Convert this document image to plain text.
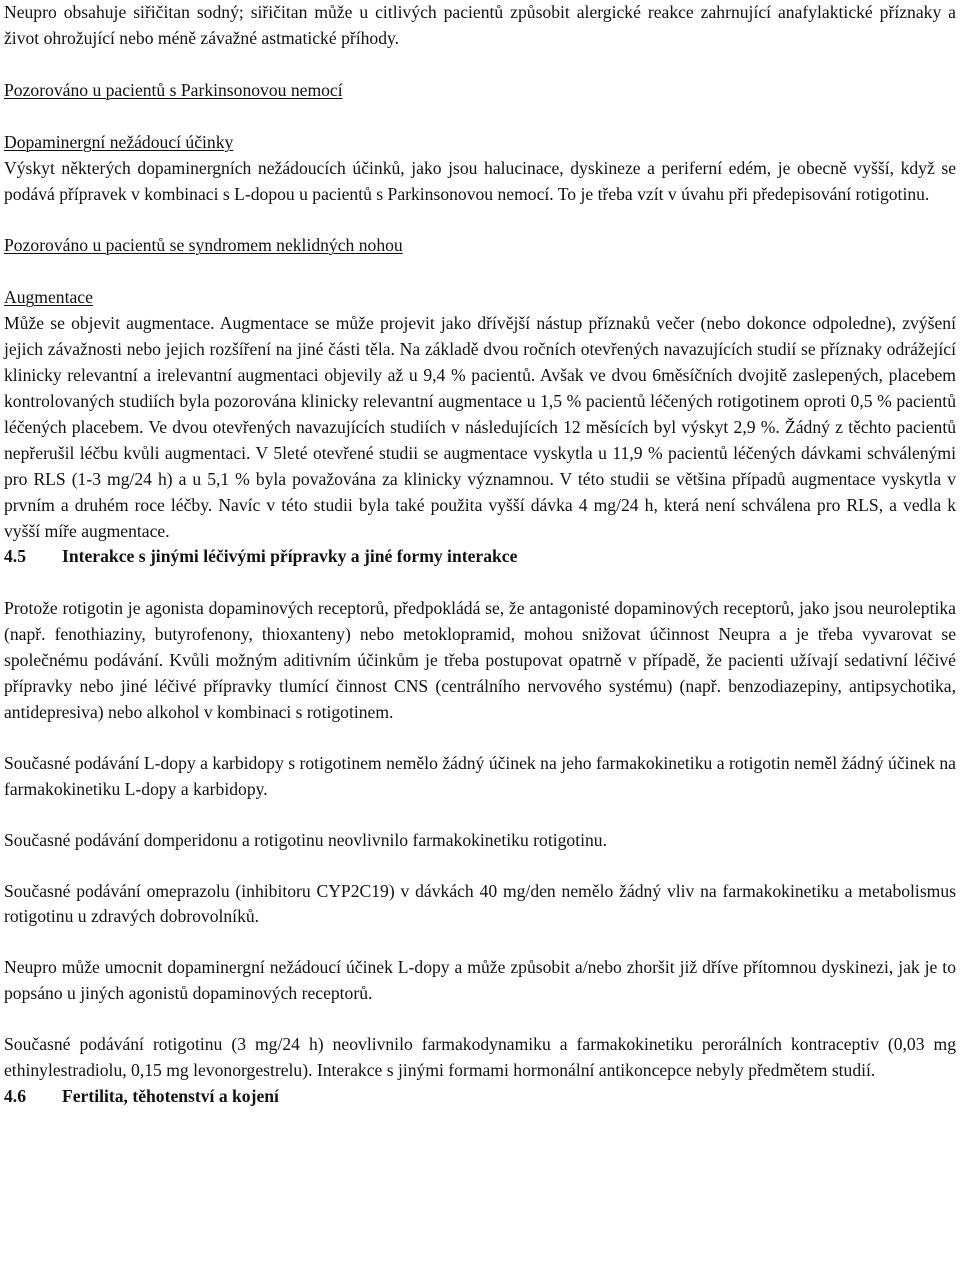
Neupro obsahuje siřičitan sodný; siřičitan může u citlivých pacientů způsobit alergické reakce zahrnující anafylaktické příznaky a život ohrožující nebo méně závažné astmatické příhody.

Pozorováno u pacientů s Parkinsonovou nemocí

Dopaminergní nežádoucí účinky

Výskyt některých dopaminergních nežádoucích účinků, jako jsou halucinace, dyskineze a periferní edém, je obecně vyšší, když se podává přípravek v kombinaci s L-dopou u pacientů s Parkinsonovou nemocí. To je třeba vzít v úvahu při předepisování rotigotinu.

Pozorováno u pacientů se syndromem neklidných nohou

Augmentace

Může se objevit augmentace. Augmentace se může projevit jako dřívější nástup příznaků večer (nebo dokonce odpoledne), zvýšení jejich závažnosti nebo jejich rozšíření na jiné části těla. Na základě dvou ročních otevřených navazujících studií se příznaky odrážející klinicky relevantní a irelevantní augmentaci objevily až u 9,4 % pacientů. Avšak ve dvou 6měsíčních dvojitě zaslepených, placebem kontrolovaných studiích byla pozorována klinicky relevantní augmentace u 1,5 % pacientů léčených rotigotinem oproti 0,5 % pacientů léčených placebem. Ve dvou otevřených navazujících studiích v následujících 12 měsících byl výskyt 2,9 %. Žádný z těchto pacientů nepřerušil léčbu kvůli augmentaci. V 5leté otevřené studii se augmentace vyskytla u 11,9 % pacientů léčených dávkami schválenými pro RLS (1-3 mg/24 h) a u 5,1 % byla považována za klinicky významnou. V této studii se většina případů augmentace vyskytla v prvním a druhém roce léčby. Navíc v této studii byla také použita vyšší dávka 4 mg/24 h, která není schválena pro RLS, a vedla k vyšší míře augmentace.

4.5	Interakce s jinými léčivými přípravky a jiné formy interakce

Protože rotigotin je agonista dopaminových receptorů, předpokládá se, že antagonisté dopaminových receptorů, jako jsou neuroleptika (např. fenothiaziny, butyrofenony, thioxanteny) nebo metoklopramid, mohou snižovat účinnost Neupra a je třeba vyvarovat se společnému podávání. Kvůli možným aditivním účinkům je třeba postupovat opatrně v případě, že pacienti užívají sedativní léčivé přípravky nebo jiné léčivé přípravky tlumící činnost CNS (centrálního nervového systému) (např. benzodiazepiny, antipsychotika, antidepresiva) nebo alkohol v kombinaci s rotigotinem.

Současné podávání L-dopy a karbidopy s rotigotinem nemělo žádný účinek na jeho farmakokinetiku a rotigotin neměl žádný účinek na farmakokinetiku L-dopy a karbidopy.

Současné podávání domperidonu a rotigotinu neovlivnilo farmakokinetiku rotigotinu.

Současné podávání omeprazolu (inhibitoru CYP2C19) v dávkách 40 mg/den nemělo žádný vliv na farmakokinetiku a metabolismus rotigotinu u zdravých dobrovolníků.

Neupro může umocnit dopaminergní nežádoucí účinek L-dopy a může způsobit a/nebo zhoršit již dříve přítomnou dyskinezi, jak je to popsáno u jiných agonistů dopaminových receptorů.

Současné podávání rotigotinu (3 mg/24 h) neovlivnilo farmakodynamiku a farmakokinetiku perorálních kontraceptiv (0,03 mg ethinylestradiolu, 0,15 mg levonorgestrelu). Interakce s jinými formami hormonální antikoncepce nebyly předmětem studií.

4.6	Fertilita, těhotenství a kojení
